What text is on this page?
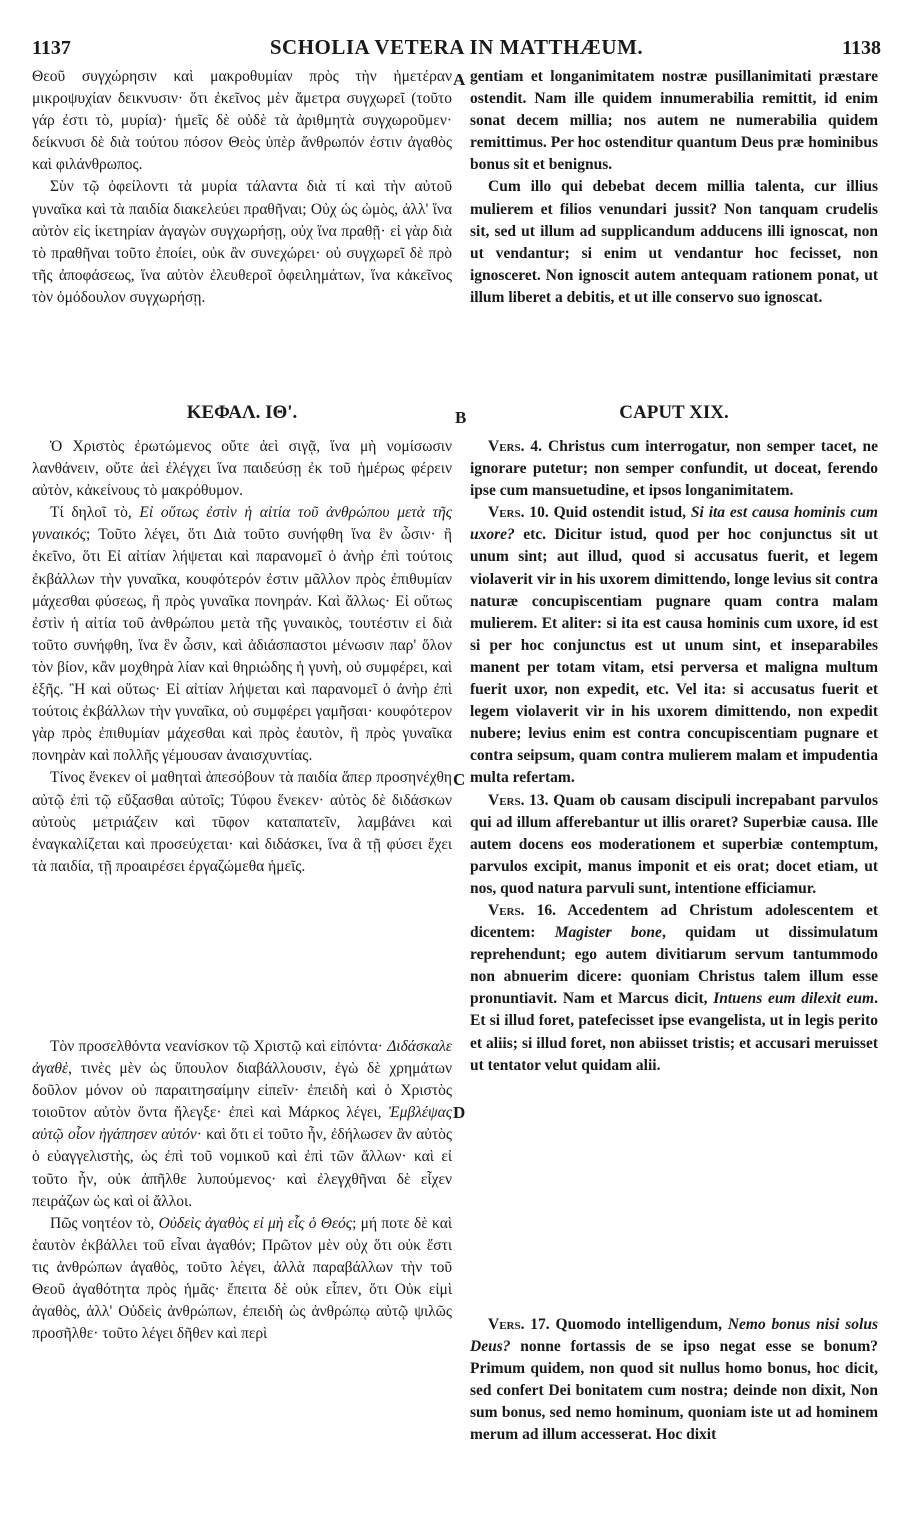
1137	SCHOLIA VETERA IN MATTHÆUM.	1138

Θεοῦ συγχώρησιν καὶ μακροθυμίαν πρὸς τὴν ἡμετέραν μικροψυχίαν δεικνυσιν· ὅτι ἐκεῖνος μὲν ἄμετρα συγχωρεῖ (τοῦτο γάρ ἐστι τὸ, μυρία)· ἡμεῖς δὲ οὐδὲ τὰ ἀριθμητὰ συγχωροῦμεν· δείκνυσι δὲ διὰ τούτου πόσον Θεὸς ὑπὲρ ἄνθρωπόν ἐστιν ἀγαθὸς καὶ φιλάνθρωπος.

Σὺν τῷ ὀφείλοντι τὰ μυρία τάλαντα διὰ τί καὶ τὴν αὐτοῦ γυναῖκα καὶ τὰ παιδία διακελεύει πραθῆναι; Οὐχ ὡς ὠμὸς, ἀλλ' ἵνα αὐτὸν εἰς ἱκετηρίαν ἀγαγὼν συγχωρήσῃ, οὐχ ἵνα πραθῇ· εἰ γὰρ διὰ τὸ πραθῆναι τοῦτο ἐποίει, οὐκ ἂν συνεχώρει· οὐ συγχωρεῖ δὲ πρὸ τῆς ἀποφάσεως, ἵνα αὐτὸν ἐλευθεροῖ ὀφειλημάτων, ἵνα κἀκεῖνος τὸν ὁμόδουλον συγχωρήσῃ.

gentiam et longanimitatem nostræ pusillanimitati præstare ostendit. Nam ille quidem innumerabilia remittit, id enim sonat decem millia; nos autem ne numerabilia quidem remittimus. Per hoc ostenditur quantum Deus præ hominibus bonus sit et benignus.

Cum illo qui debebat decem millia talenta, cur illius mulierem et filios venundari jussit? Non tanquam crudelis sit, sed ut illum ad supplicandum adducens illi ignoscat, non ut vendantur; si enim ut vendantur hoc fecisset, non ignosceret. Non ignoscit autem antequam rationem ponat, ut illum liberet a debitis, et ut ille conservo suo ignoscat.

ΚΕΦΑΛ. ΙΘ'.	CAPUT XIX.

Ὁ Χριστὸς ἐρωτώμενος οὔτε ἀεὶ σιγᾷ, ἵνα μὴ νομίσωσιν λανθάνειν, οὔτε ἀεὶ ἐλέγχει ἵνα παιδεύσῃ ἐκ τοῦ ἡμέρως φέρειν αὐτὸν, κἀκείνους τὸ μακρόθυμον.

Τί δηλοῖ τὸ, Εἰ οὕτως ἐστὶν ἡ αἰτία τοῦ ἀνθρώπου μετὰ τῆς γυναικός; Τοῦτο λέγει, ὅτι Διὰ τοῦτο συνήφθη ἵνα ἓν ὦσιν· ἢ ἐκεῖνο, ὅτι Εἰ αἰτίαν λήψεται καὶ παρανομεῖ ὁ ἀνὴρ ἐπὶ τούτοις ἐκβάλλων τὴν γυναῖκα, κουφότερόν ἐστιν μᾶλλον πρὸς ἐπιθυμίαν μάχεσθαι φύσεως, ἢ πρὸς γυναῖκα πονηράν. Καὶ ἄλλως· Εἰ οὕτως ἐστὶν ἡ αἰτία τοῦ ἀνθρώπου μετὰ τῆς γυναικὸς, τουτέστιν εἰ διὰ τοῦτο συνήφθη, ἵνα ἓν ὦσιν, καὶ ἀδιάσπαστοι μένωσιν παρ' ὅλον τὸν βίον, κἂν μοχθηρὰ λίαν καὶ θηριώδης ἡ γυνὴ, οὐ συμφέρει, καὶ ἑξῆς. Ἢ καὶ οὕτως· Εἰ αἰτίαν λήψεται καὶ παρανομεῖ ὁ ἀνὴρ ἐπὶ τούτοις ἐκβάλλων τὴν γυναῖκα, οὐ συμφέρει γαμῆσαι· κουφότερον γὰρ πρὸς ἐπιθυμίαν μάχεσθαι καὶ πρὸς ἑαυτὸν, ἢ πρὸς γυναῖκα πονηρὰν καὶ πολλῆς γέμουσαν ἀναισχυντίας.

Τίνος ἕνεκεν οἱ μαθηταὶ ἀπεσόβουν τὰ παιδία ἅπερ προσηνέχθη αὐτῷ ἐπὶ τῷ εὔξασθαι αὐτοῖς; Τύφου ἕνεκεν· αὐτὸς δὲ διδάσκων αὐτοὺς μετριάζειν καὶ τῦφον καταπατεῖν, λαμβάνει καὶ ἐναγκαλίζεται καὶ προσεύχεται· καὶ διδάσκει, ἵνα ἃ τῇ φύσει ἔχει τὰ παιδία, τῇ προαιρέσει ἐργαζώμεθα ἡμεῖς.

Vers. 4. Christus cum interrogatur, non semper tacet, ne ignorare putetur; non semper confundit, ut doceat, ferendo ipse cum mansuetudine, et ipsos longanimitatem.

Vers. 10. Quid ostendit istud, Si ita est causa hominis cum uxore? etc. Dicitur istud, quod per hoc conjunctus sit ut unum sint; aut illud, quod si accusatus fuerit, et legem violaverit vir in his uxorem dimittendo, longe levius sit contra naturæ concupiscentiam pugnare quam contra malam mulierem. Et aliter: si ita est causa hominis cum uxore, id est si per hoc conjunctus est ut unum sint, et inseparabiles manent per totam vitam, etsi perversa et maligna multum fuerit uxor, non expedit, etc. Vel ita: si accusatus fuerit et legem violaverit vir in his uxorem dimittendo, non expedit nubere; levius enim est contra concupiscentiam pugnare et contra seipsum, quam contra mulierem malam et impudentia multa refertam.

Vers. 13. Quam ob causam discipuli increpabant parvulos qui ad illum afferebantur ut illis oraret? Superbiæ causa. Ille autem docens eos moderationem et superbiæ contemptum, parvulos excipit, manus imponit et eis orat; docet etiam, ut nos, quod natura parvuli sunt, intentione efficiamur.

Vers. 16. Accedentem ad Christum adolescentem et dicentem: Magister bone, quidam ut dissimulatum reprehendunt; ego autem divitiarum servum tantummodo non abnuerim dicere: quoniam Christus talem illum esse pronuntiavit. Nam et Marcus dicit, Intuens eum dilexit eum. Et si illud foret, patefecisset ipse evangelista, ut in legis perito et aliis; si illud foret, non abiisset tristis; et accusari meruisset ut tentator velut quidam alii.

Τὸν προσελθόντα νεανίσκον τῷ Χριστῷ καὶ εἰπόντα· Διδάσκαλε ἀγαθὲ, τινὲς μὲν ὡς ὕπουλον διαβάλλουσιν, ἐγὼ δὲ χρημάτων δοῦλον μόνον οὐ παραιτησαίμην εἰπεῖν· ἐπειδὴ καὶ ὁ Χριστὸς τοιοῦτον αὐτὸν ὄντα ἤλεγξε· ἐπεὶ καὶ Μάρκος λέγει, Ἐμβλέψας αὐτῷ οἷον ἠγάπησεν αὐτόν· καὶ ὅτι εἰ τοῦτο ἦν, ἐδήλωσεν ἂν αὐτὸς ὁ εὐαγγελιστὴς, ὡς ἐπὶ τοῦ νομικοῦ καὶ ἐπὶ τῶν ἄλλων· καὶ εἰ τοῦτο ἦν, οὐκ ἀπῆλθε λυπούμενος· καὶ ἐλεγχθῆναι δὲ εἶχεν πειράζων ὡς καὶ οἱ ἄλλοι.

Πῶς νοητέον τὸ, Οὐδεὶς ἀγαθὸς εἰ μὴ εἷς ὁ Θεός; μή ποτε δὲ καὶ ἑαυτὸν ἐκβάλλει τοῦ εἶναι ἀγαθόν; Πρῶτον μὲν οὐχ ὅτι οὐκ ἔστι τις ἀνθρώπων ἀγαθὸς, τοῦτο λέγει, ἀλλὰ παραβάλλων τὴν τοῦ Θεοῦ ἀγαθότητα πρὸς ἡμᾶς· ἔπειτα δὲ οὐκ εἶπεν, ὅτι Οὐκ εἰμὶ ἀγαθὸς, ἀλλ' Οὐδεὶς ἀνθρώπων, ἐπειδὴ ὡς ἀνθρώπῳ αὐτῷ ψιλῶς προσῆλθε· τοῦτο λέγει δῆθεν καὶ περὶ

Vers. 17. Quomodo intelligendum, Nemo bonus nisi solus Deus? nonne fortassis de se ipso negat esse se bonum? Primum quidem, non quod sit nullus homo bonus, hoc dicit, sed confert Dei bonitatem cum nostra; deinde non dixit, Non sum bonus, sed nemo hominum, quoniam iste ut ad hominem merum ad illum accesserat. Hoc dixit

A
B
C
D
